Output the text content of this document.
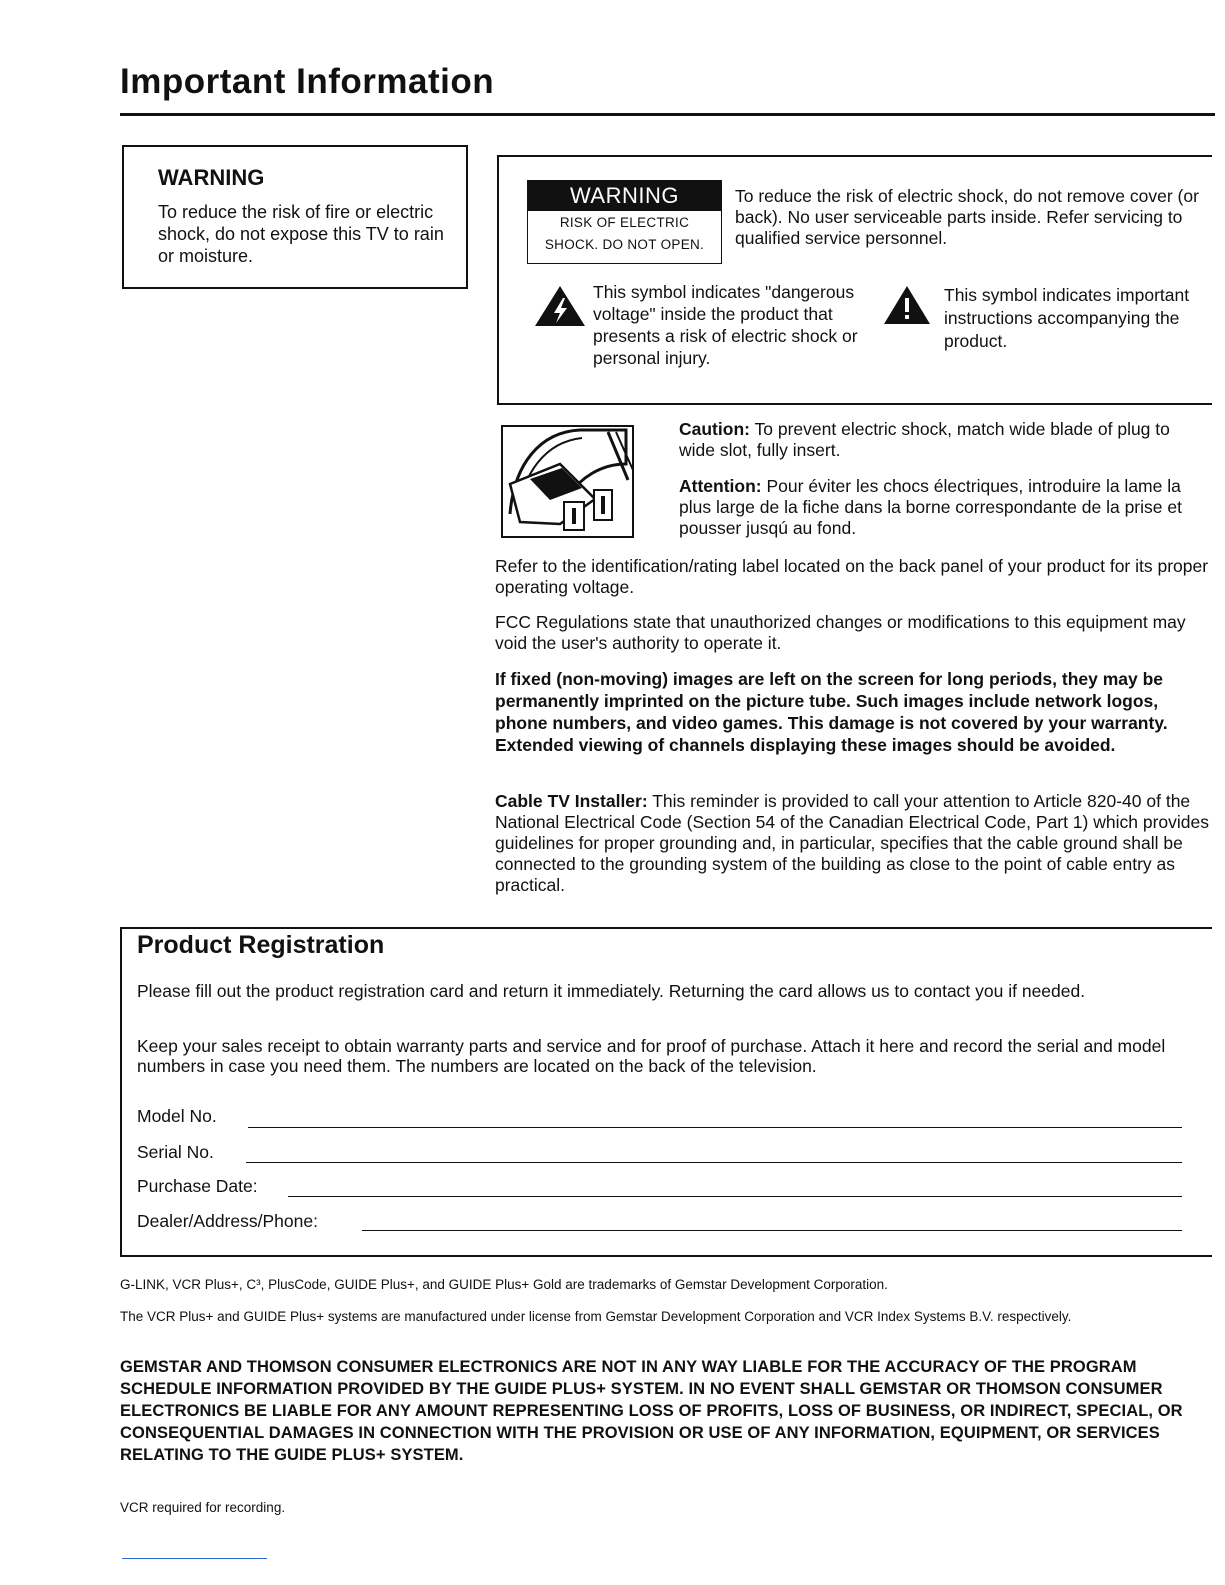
Important Information
WARNING

To reduce the risk of fire or electric shock, do not expose this TV to rain or moisture.

WARNING
RISK OF ELECTRIC
SHOCK. DO NOT OPEN.

To reduce the risk of electric shock, do not remove cover (or back). No user serviceable parts inside. Refer servicing to qualified service personnel.

This symbol indicates "dangerous voltage" inside the product that presents a risk of electric shock or personal injury.

This symbol indicates important instructions accompanying the product.

Caution: To prevent electric shock, match wide blade of plug to wide slot, fully insert.

Attention: Pour éviter les chocs électriques, introduire la lame la plus large de la fiche dans la borne correspondante de la prise et pousser jusqú au fond.

Refer to the identification/rating label located on the back panel of your product for its proper operating voltage.

FCC Regulations state that unauthorized changes or modifications to this equipment may void the user's authority to operate it.

If fixed (non-moving) images are left on the screen for long periods, they may be permanently imprinted on the picture tube. Such images include network logos, phone numbers, and video games. This damage is not covered by your warranty. Extended viewing of channels displaying these images should be avoided.

Cable TV Installer: This reminder is provided to call your attention to Article 820-40 of the National Electrical Code (Section 54 of the Canadian Electrical Code, Part 1) which provides guidelines for proper grounding and, in particular, specifies that the cable ground shall be connected to the grounding system of the building as close to the point of cable entry as practical.

Product Registration

Please fill out the product registration card and return it immediately. Returning the card allows us to contact you if needed.

Keep your sales receipt to obtain warranty parts and service and for proof of purchase. Attach it here and record the serial and model numbers in case you need them. The numbers are located on the back of the television.

Model No.
Serial No.
Purchase Date:
Dealer/Address/Phone:

G-LINK, VCR Plus+, C³, PlusCode, GUIDE Plus+, and GUIDE Plus+ Gold are trademarks of Gemstar Development Corporation.

The VCR Plus+ and GUIDE Plus+ systems are manufactured under license from Gemstar Development Corporation and VCR Index Systems B.V. respectively.

GEMSTAR AND THOMSON CONSUMER ELECTRONICS ARE NOT IN ANY WAY LIABLE FOR THE ACCURACY OF THE PROGRAM SCHEDULE INFORMATION PROVIDED BY THE GUIDE PLUS+ SYSTEM. IN NO EVENT SHALL GEMSTAR OR THOMSON CONSUMER ELECTRONICS BE LIABLE FOR ANY AMOUNT REPRESENTING LOSS OF PROFITS, LOSS OF BUSINESS, OR INDIRECT, SPECIAL, OR CONSEQUENTIAL DAMAGES IN CONNECTION WITH THE PROVISION OR USE OF ANY INFORMATION, EQUIPMENT, OR SERVICES RELATING TO THE GUIDE PLUS+ SYSTEM.

VCR required for recording.
